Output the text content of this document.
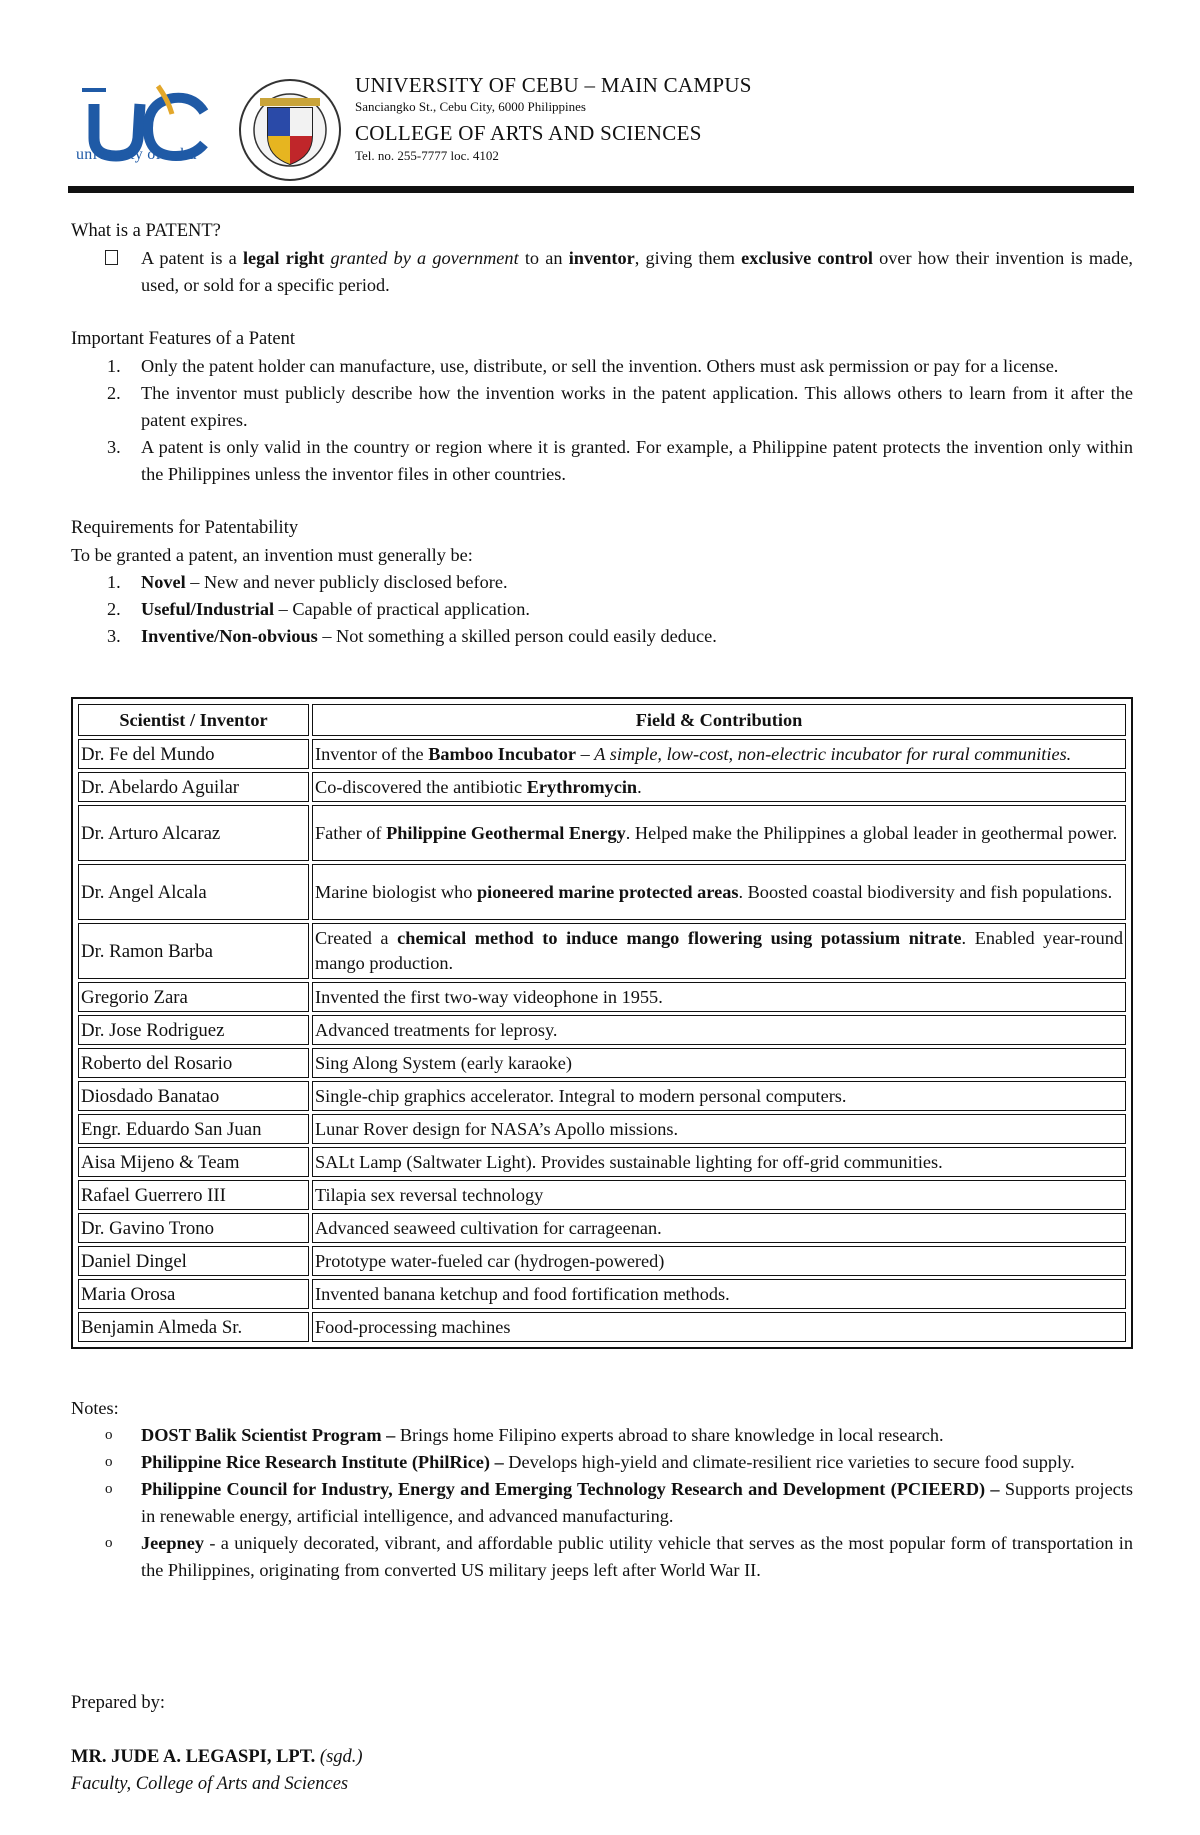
university of cebu
UNIVERSITY OF CEBU – MAIN CAMPUS
Sanciangko St., Cebu City, 6000 Philippines
COLLEGE OF ARTS AND SCIENCES
Tel. no. 255-7777 loc. 4102
What is a PATENT?
A patent is a legal right granted by a government to an inventor, giving them exclusive control over how their invention is made, used, or sold for a specific period.
Important Features of a Patent
1.	Only the patent holder can manufacture, use, distribute, or sell the invention. Others must ask permission or pay for a license.
2.	The inventor must publicly describe how the invention works in the patent application. This allows others to learn from it after the patent expires.
3.	A patent is only valid in the country or region where it is granted. For example, a Philippine patent protects the invention only within the Philippines unless the inventor files in other countries.
Requirements for Patentability
To be granted a patent, an invention must generally be:
1.	Novel – New and never publicly disclosed before.
2.	Useful/Industrial – Capable of practical application.
3.	Inventive/Non-obvious – Not something a skilled person could easily deduce.
Scientist / Inventor	Field & Contribution
Dr. Fe del Mundo	Inventor of the Bamboo Incubator – A simple, low-cost, non-electric incubator for rural communities.
Dr. Abelardo Aguilar	Co-discovered the antibiotic Erythromycin.
Dr. Arturo Alcaraz	Father of Philippine Geothermal Energy. Helped make the Philippines a global leader in geothermal power.
Dr. Angel Alcala	Marine biologist who pioneered marine protected areas. Boosted coastal biodiversity and fish populations.
Dr. Ramon Barba	Created a chemical method to induce mango flowering using potassium nitrate. Enabled year-round mango production.
Gregorio Zara	Invented the first two-way videophone in 1955.
Dr. Jose Rodriguez	Advanced treatments for leprosy.
Roberto del Rosario	Sing Along System (early karaoke)
Diosdado Banatao	Single-chip graphics accelerator. Integral to modern personal computers.
Engr. Eduardo San Juan	Lunar Rover design for NASA’s Apollo missions.
Aisa Mijeno & Team	SALt Lamp (Saltwater Light). Provides sustainable lighting for off-grid communities.
Rafael Guerrero III	Tilapia sex reversal technology
Dr. Gavino Trono	Advanced seaweed cultivation for carrageenan.
Daniel Dingel	Prototype water-fueled car (hydrogen-powered)
Maria Orosa	Invented banana ketchup and food fortification methods.
Benjamin Almeda Sr.	Food-processing machines
Notes:
o	DOST Balik Scientist Program – Brings home Filipino experts abroad to share knowledge in local research.
o	Philippine Rice Research Institute (PhilRice) – Develops high-yield and climate-resilient rice varieties to secure food supply.
o	Philippine Council for Industry, Energy and Emerging Technology Research and Development (PCIEERD) – Supports projects in renewable energy, artificial intelligence, and advanced manufacturing.
o	Jeepney - a uniquely decorated, vibrant, and affordable public utility vehicle that serves as the most popular form of transportation in the Philippines, originating from converted US military jeeps left after World War II.
Prepared by:
MR. JUDE A. LEGASPI, LPT. (sgd.)
Faculty, College of Arts and Sciences
